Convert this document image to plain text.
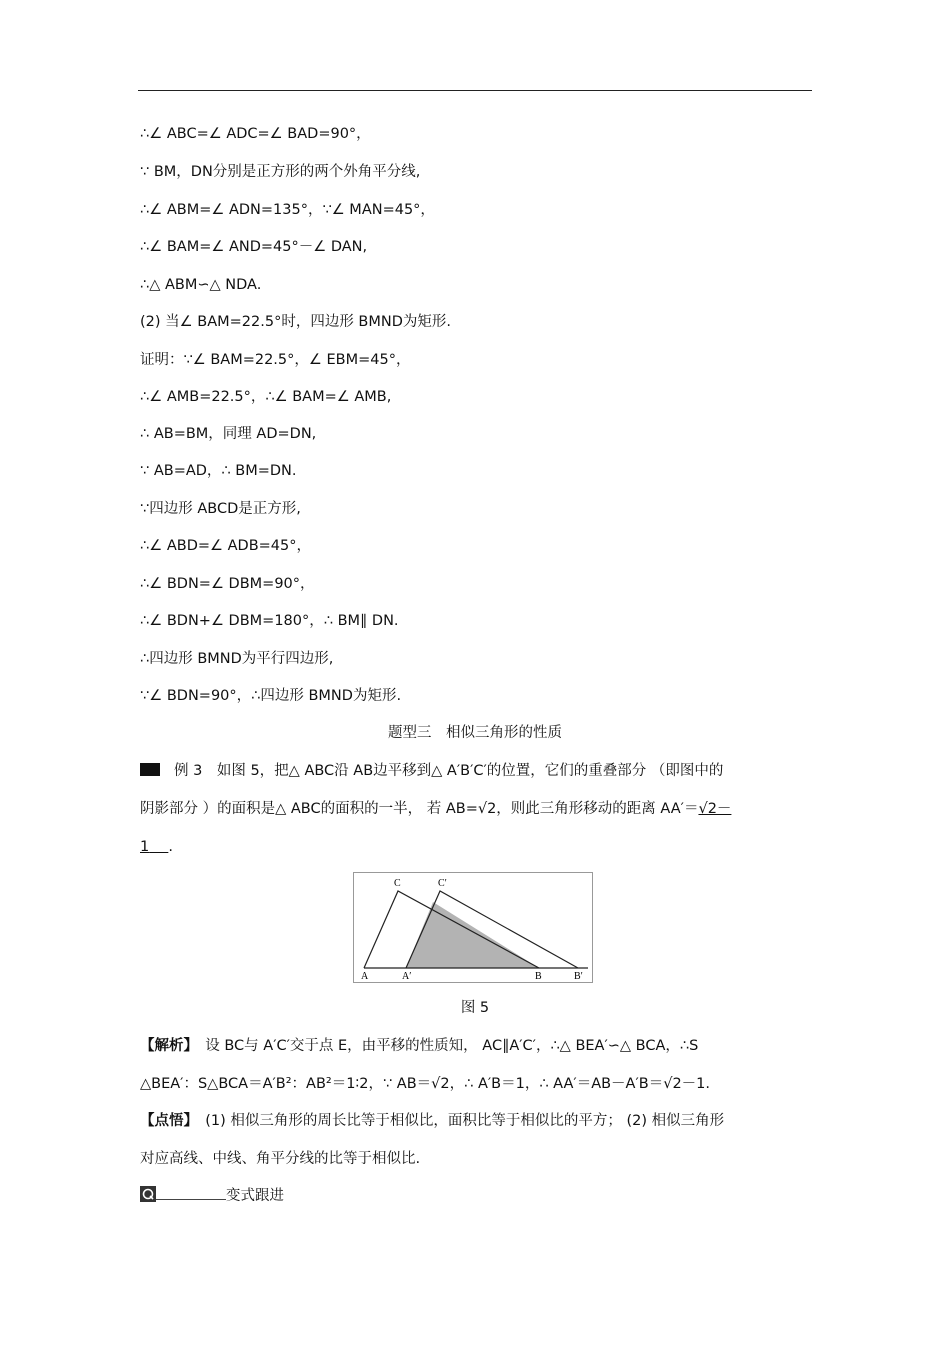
∴∠ ABC=∠ ADC=∠ BAD=90°，
∵ BM，DN分别是正方形的两个外角平分线,
∴∠ ABM=∠ ADN=135°，∵∠ MAN=45°，
∴∠ BAM=∠ AND=45°－∠ DAN,
∴△ ABM∽△ NDA.
(2) 当∠ BAM=22.5°时，四边形 BMND为矩形.
证明：∵∠ BAM=22.5°，∠ EBM=45°，
∴∠ AMB=22.5°，∴∠ BAM=∠ AMB,
∴ AB=BM，同理 AD=DN,
∵ AB=AD，∴ BM=DN.
∵四边形 ABCD是正方形,
∴∠ ABD=∠ ADB=45°，
∴∠ BDN=∠ DBM=90°，
∴∠ BDN+∠ DBM=180°，∴ BM∥ DN.
∴四边形 BMND为平行四边形,
∵∠ BDN=90°，∴四边形 BMND为矩形.
题型三　相似三角形的性质
例 3　 如图 5，把△ ABC沿 AB边平移到△ A′B′C′的位置，它们的重叠部分 （即图中的
阴影部分 ）的面积是△ ABC的面积的一半， 若 AB=√2，则此三角形移动的距离 AA′＝√2－
1　 .
C	C′
A	A′	B	B′
图 5
【解析】　 设 BC与 A′C′交于点 E，由平移的性质知， AC∥A′C′，∴△ BEA′∽△ BCA，∴S
△BEA′：S△BCA＝A′B²：AB²＝1∶2，∵ AB＝√2，∴ A′B＝1，∴ AA′＝AB－A′B＝√2－1.
【点悟】　 (1) 相似三角形的周长比等于相似比，面积比等于相似比的平方； (2) 相似三角形
对应高线、中线、角平分线的比等于相似比.
变式跟进
